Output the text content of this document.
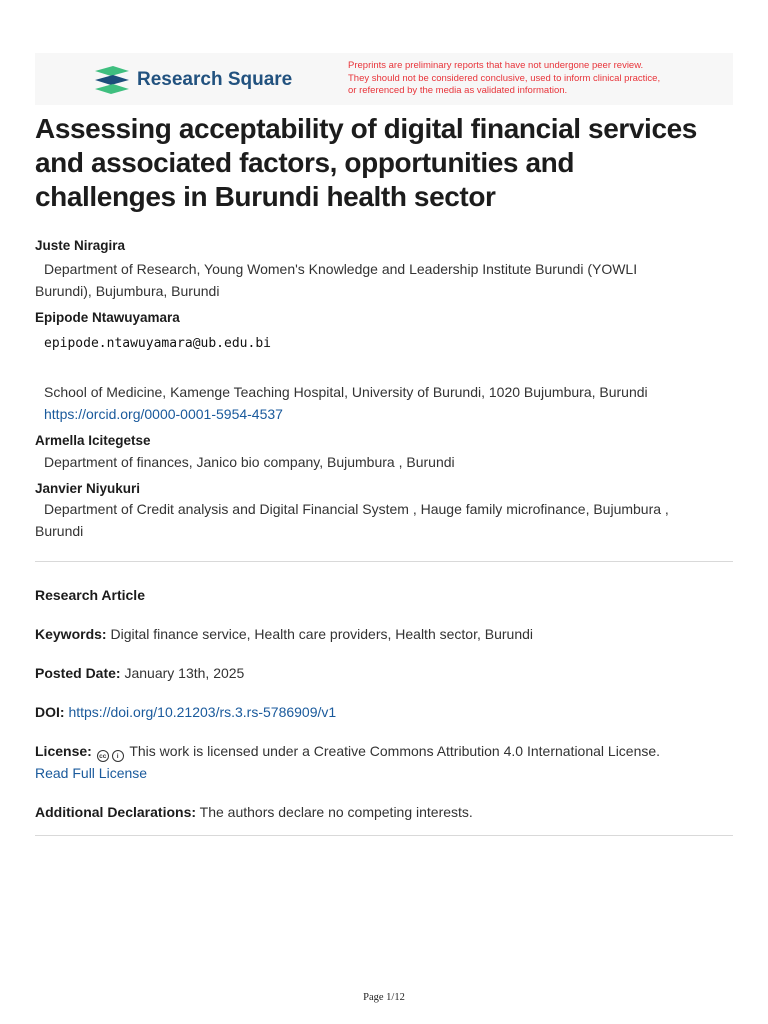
Research Square
Preprints are preliminary reports that have not undergone peer review.
They should not be considered conclusive, used to inform clinical practice,
or referenced by the media as validated information.
Assessing acceptability of digital financial services
and associated factors, opportunities and
challenges in Burundi health sector
Juste Niragira
Department of Research, Young Women's Knowledge and Leadership Institute Burundi (YOWLI
Burundi), Bujumbura, Burundi
Epipode Ntawuyamara
epipode.ntawuyamara@ub.edu.bi
School of Medicine, Kamenge Teaching Hospital, University of Burundi, 1020 Bujumbura, Burundi
https://orcid.org/0000-0001-5954-4537
Armella Icitegetse
Department of finances, Janico bio company, Bujumbura , Burundi
Janvier Niyukuri
Department of Credit analysis and Digital Financial System , Hauge family microfinance, Bujumbura ,
Burundi
Research Article
Keywords: Digital finance service, Health care providers, Health sector, Burundi
Posted Date: January 13th, 2025
DOI: https://doi.org/10.21203/rs.3.rs-5786909/v1
License:	cc	i This work is licensed under a Creative Commons Attribution 4.0 International License.
Read Full License
Additional Declarations: The authors declare no competing interests.
Page 1/12
